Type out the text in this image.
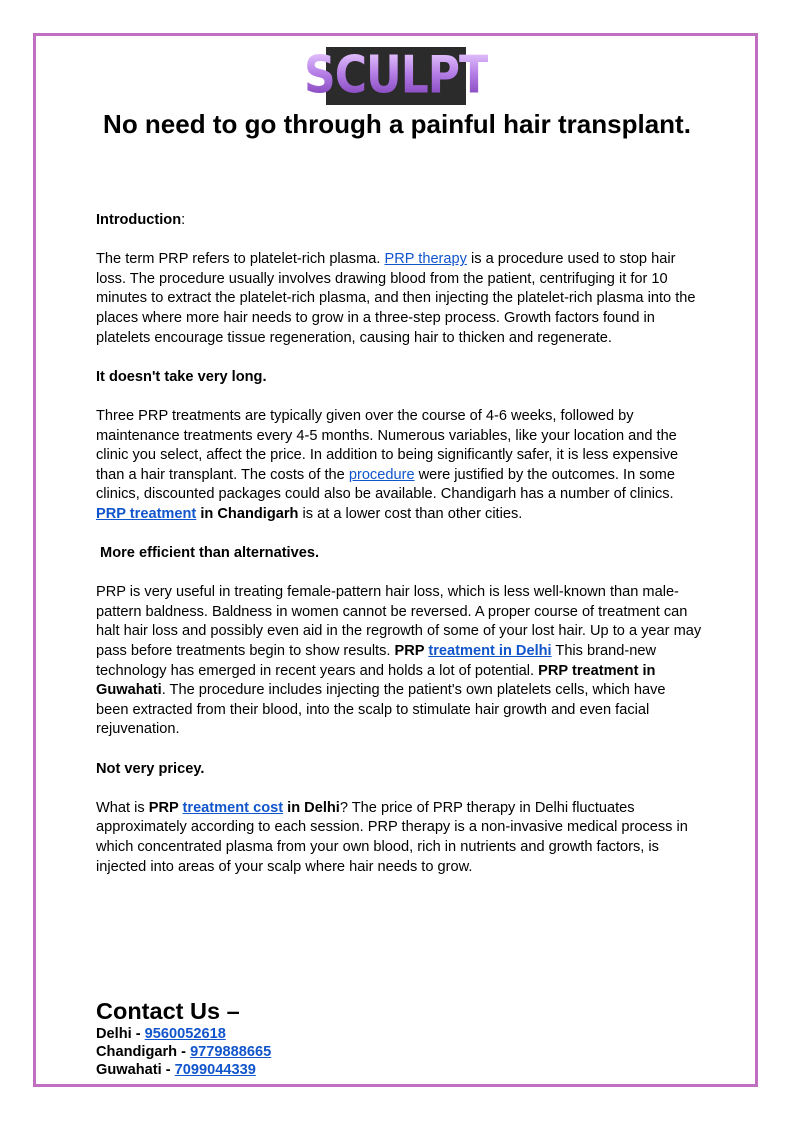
SCULPT
No need to go through a painful hair transplant.

Introduction:

The term PRP refers to platelet-rich plasma. PRP therapy is a procedure used to stop hair loss. The procedure usually involves drawing blood from the patient, centrifuging it for 10 minutes to extract the platelet-rich plasma, and then injecting the platelet-rich plasma into the places where more hair needs to grow in a three-step process. Growth factors found in platelets encourage tissue regeneration, causing hair to thicken and regenerate.

It doesn't take very long.

Three PRP treatments are typically given over the course of 4-6 weeks, followed by maintenance treatments every 4-5 months. Numerous variables, like your location and the clinic you select, affect the price. In addition to being significantly safer, it is less expensive than a hair transplant. The costs of the procedure were justified by the outcomes. In some clinics, discounted packages could also be available. Chandigarh has a number of clinics. PRP treatment in Chandigarh is at a lower cost than other cities.

More efficient than alternatives.

PRP is very useful in treating female-pattern hair loss, which is less well-known than male-pattern baldness. Baldness in women cannot be reversed. A proper course of treatment can halt hair loss and possibly even aid in the regrowth of some of your lost hair. Up to a year may pass before treatments begin to show results. PRP treatment in Delhi This brand-new technology has emerged in recent years and holds a lot of potential. PRP treatment in Guwahati. The procedure includes injecting the patient's own platelets cells, which have been extracted from their blood, into the scalp to stimulate hair growth and even facial rejuvenation.

Not very pricey.

What is PRP treatment cost in Delhi? The price of PRP therapy in Delhi fluctuates approximately according to each session. PRP therapy is a non-invasive medical process in which concentrated plasma from your own blood, rich in nutrients and growth factors, is injected into areas of your scalp where hair needs to grow.

Contact Us –
Delhi - 9560052618
Chandigarh - 9779888665
Guwahati - 7099044339
